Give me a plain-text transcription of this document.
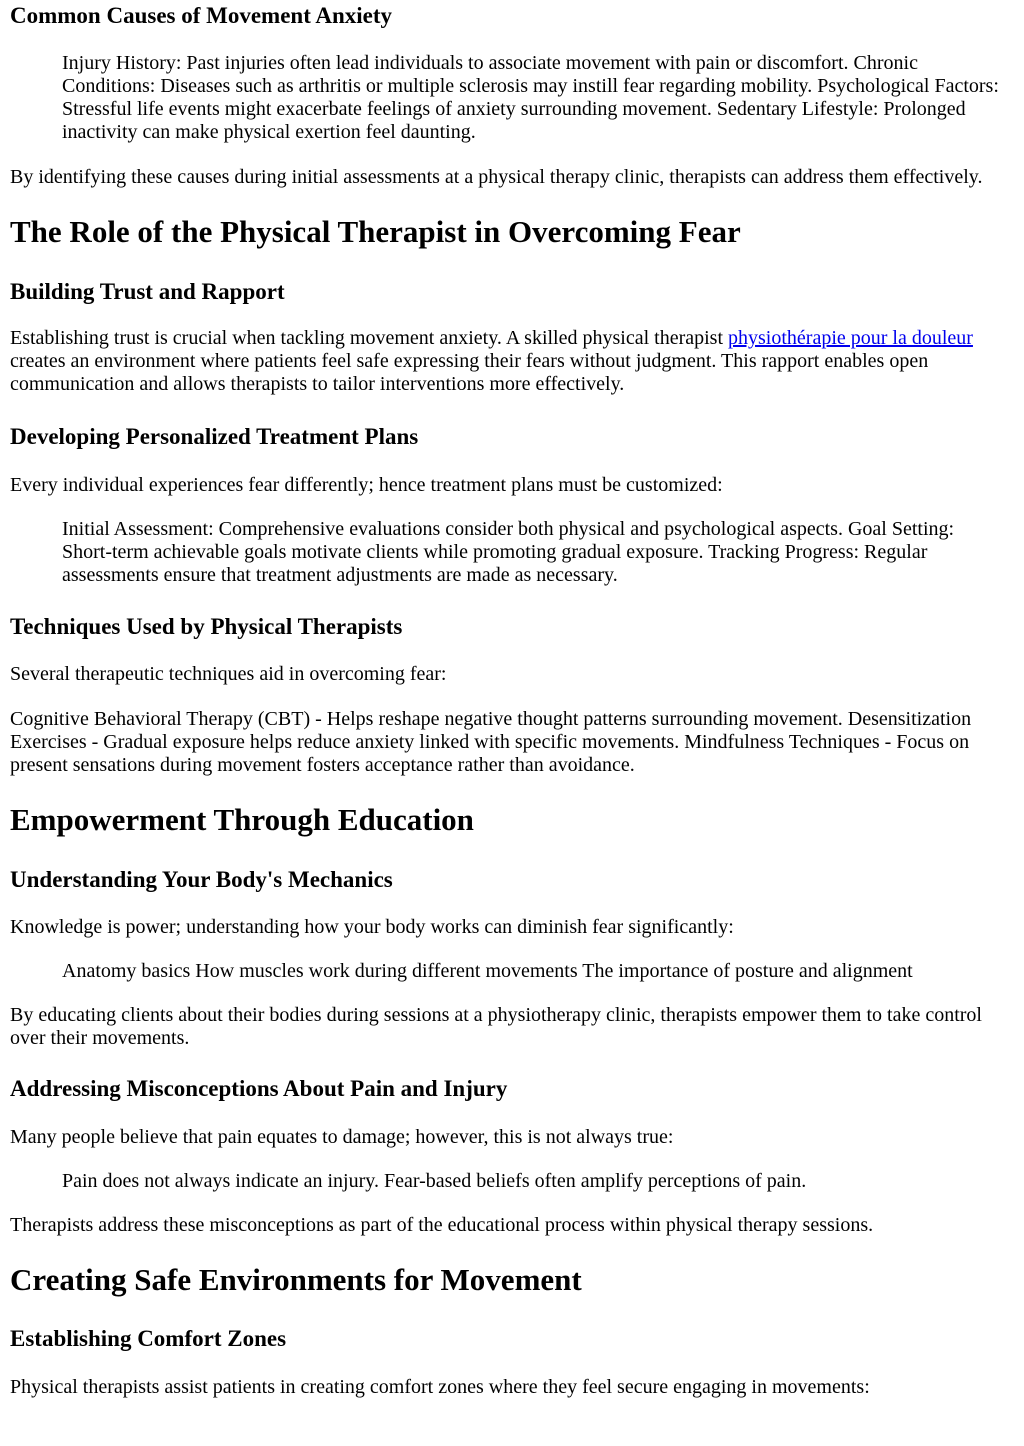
Common Causes of Movement Anxiety

Injury History: Past injuries often lead individuals to associate movement with pain or discomfort. Chronic Conditions: Diseases such as arthritis or multiple sclerosis may instill fear regarding mobility. Psychological Factors: Stressful life events might exacerbate feelings of anxiety surrounding movement. Sedentary Lifestyle: Prolonged inactivity can make physical exertion feel daunting.

By identifying these causes during initial assessments at a physical therapy clinic, therapists can address them effectively.

The Role of the Physical Therapist in Overcoming Fear
Building Trust and Rapport

Establishing trust is crucial when tackling movement anxiety. A skilled physical therapist physiothérapie pour la douleur creates an environment where patients feel safe expressing their fears without judgment. This rapport enables open communication and allows therapists to tailor interventions more effectively.

Developing Personalized Treatment Plans

Every individual experiences fear differently; hence treatment plans must be customized:

Initial Assessment: Comprehensive evaluations consider both physical and psychological aspects. Goal Setting: Short-term achievable goals motivate clients while promoting gradual exposure. Tracking Progress: Regular assessments ensure that treatment adjustments are made as necessary.

Techniques Used by Physical Therapists

Several therapeutic techniques aid in overcoming fear:

Cognitive Behavioral Therapy (CBT) - Helps reshape negative thought patterns surrounding movement. Desensitization Exercises - Gradual exposure helps reduce anxiety linked with specific movements. Mindfulness Techniques - Focus on present sensations during movement fosters acceptance rather than avoidance.

Empowerment Through Education
Understanding Your Body's Mechanics

Knowledge is power; understanding how your body works can diminish fear significantly:

Anatomy basics How muscles work during different movements The importance of posture and alignment

By educating clients about their bodies during sessions at a physiotherapy clinic, therapists empower them to take control over their movements.

Addressing Misconceptions About Pain and Injury

Many people believe that pain equates to damage; however, this is not always true:

Pain does not always indicate an injury. Fear-based beliefs often amplify perceptions of pain.

Therapists address these misconceptions as part of the educational process within physical therapy sessions.

Creating Safe Environments for Movement
Establishing Comfort Zones

Physical therapists assist patients in creating comfort zones where they feel secure engaging in movements:
